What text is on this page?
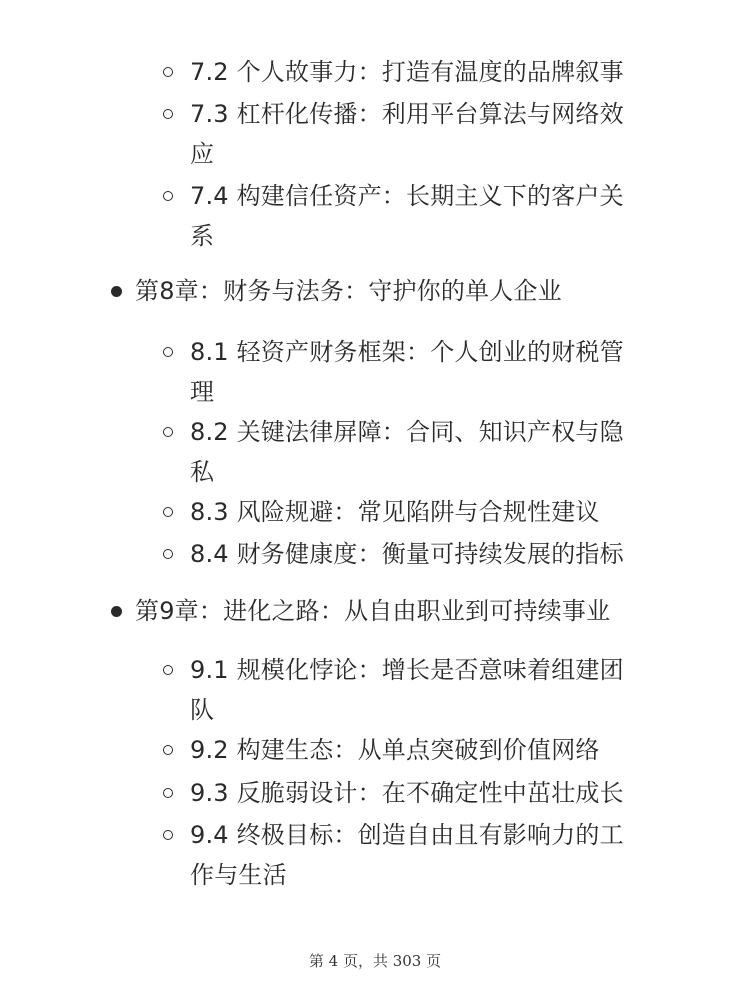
7.2 个人故事力：打造有温度的品牌叙事
7.3 杠杆化传播：利用平台算法与网络效
应
7.4 构建信任资产：长期主义下的客户关
系
第8章：财务与法务：守护你的单人企业
8.1 轻资产财务框架：个人创业的财税管
理
8.2 关键法律屏障：合同、知识产权与隐
私
8.3 风险规避：常见陷阱与合规性建议
8.4 财务健康度：衡量可持续发展的指标
第9章：进化之路：从自由职业到可持续事业
9.1 规模化悖论：增长是否意味着组建团
队
9.2 构建生态：从单点突破到价值网络
9.3 反脆弱设计：在不确定性中茁壮成长
9.4 终极目标：创造自由且有影响力的工
作与生活
第 4 页，共 303 页
